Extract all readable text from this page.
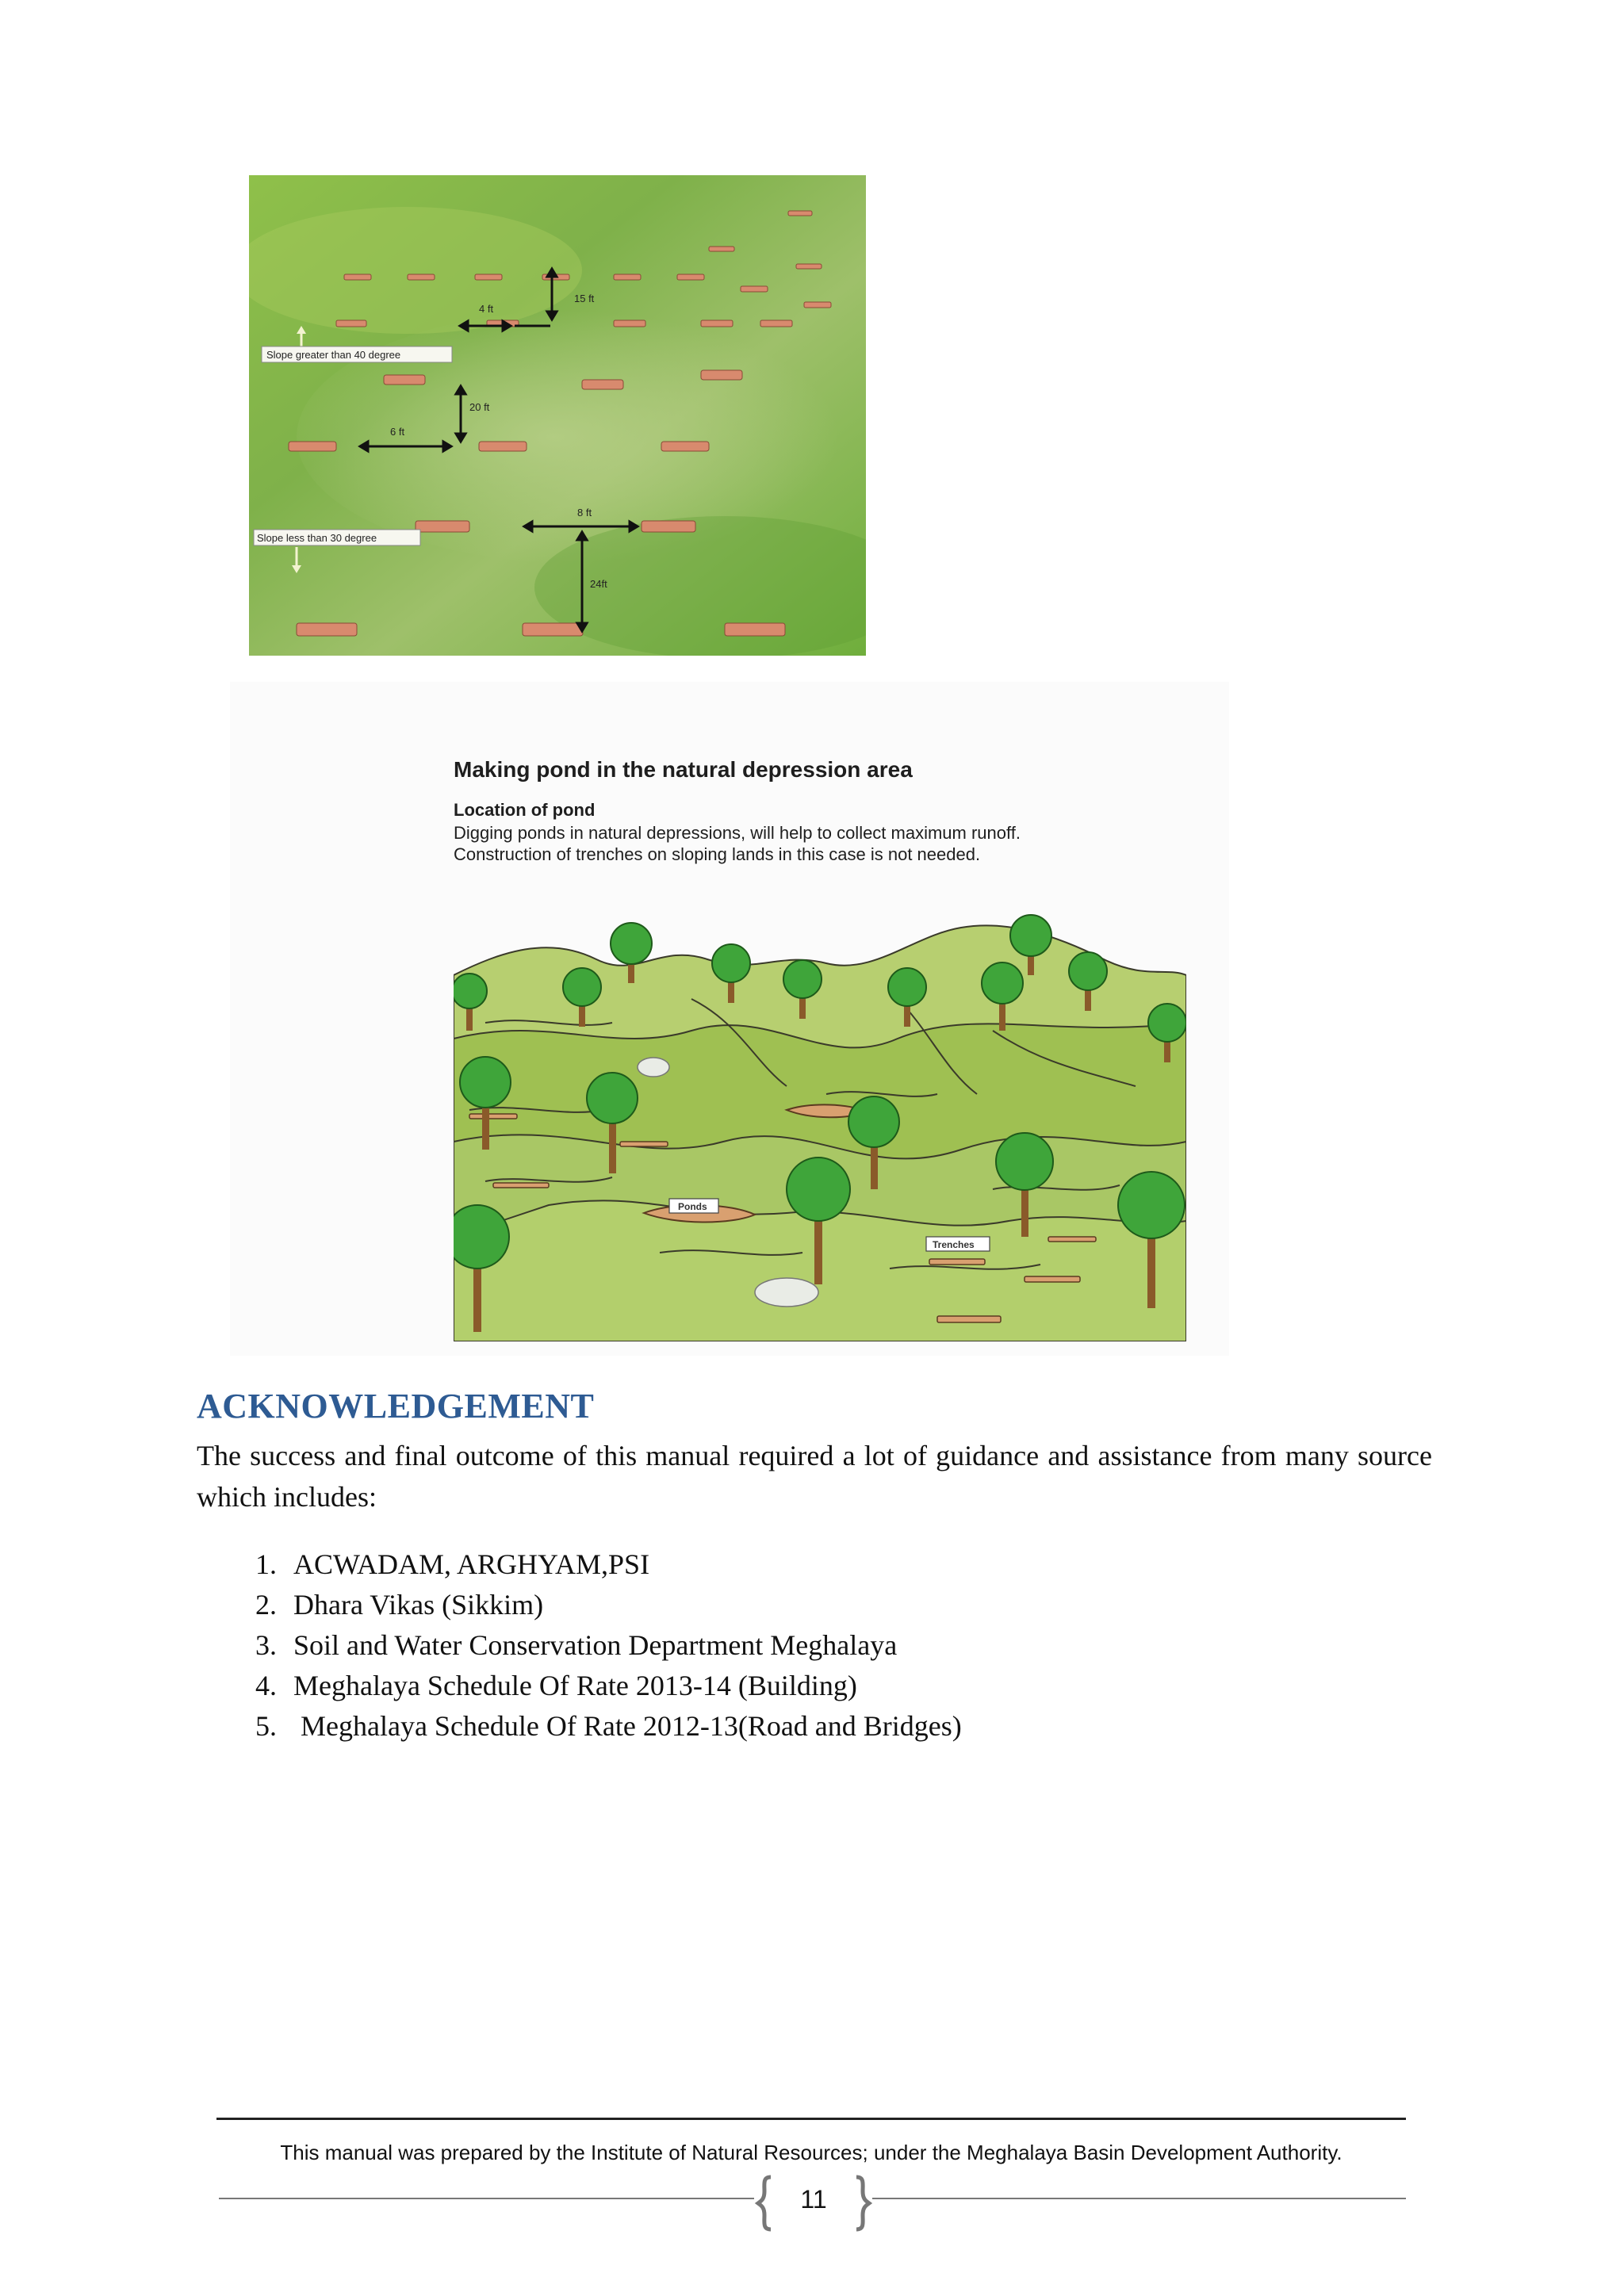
Slope greater than 40 degree
Slope less than 30 degree
15 ft
4 ft
20 ft
6 ft
8 ft
24ft

Making pond in the natural depression area

Location of pond

Digging ponds in natural depressions, will help to collect maximum runoff.

Construction of trenches on sloping lands in this case is not needed.

Ponds
Trenches
ACKNOWLEDGEMENT

The success and final outcome of this manual required a lot of guidance and assistance from many source which includes:

1. ACWADAM, ARGHYAM,PSI
2. Dhara Vikas (Sikkim)
3. Soil and Water Conservation Department Meghalaya
4. Meghalaya Schedule Of Rate 2013-14 (Building)
5. Meghalaya Schedule Of Rate 2012-13(Road and Bridges)
This manual was prepared by the Institute of Natural Resources; under the Meghalaya Basin Development Authority.
11
